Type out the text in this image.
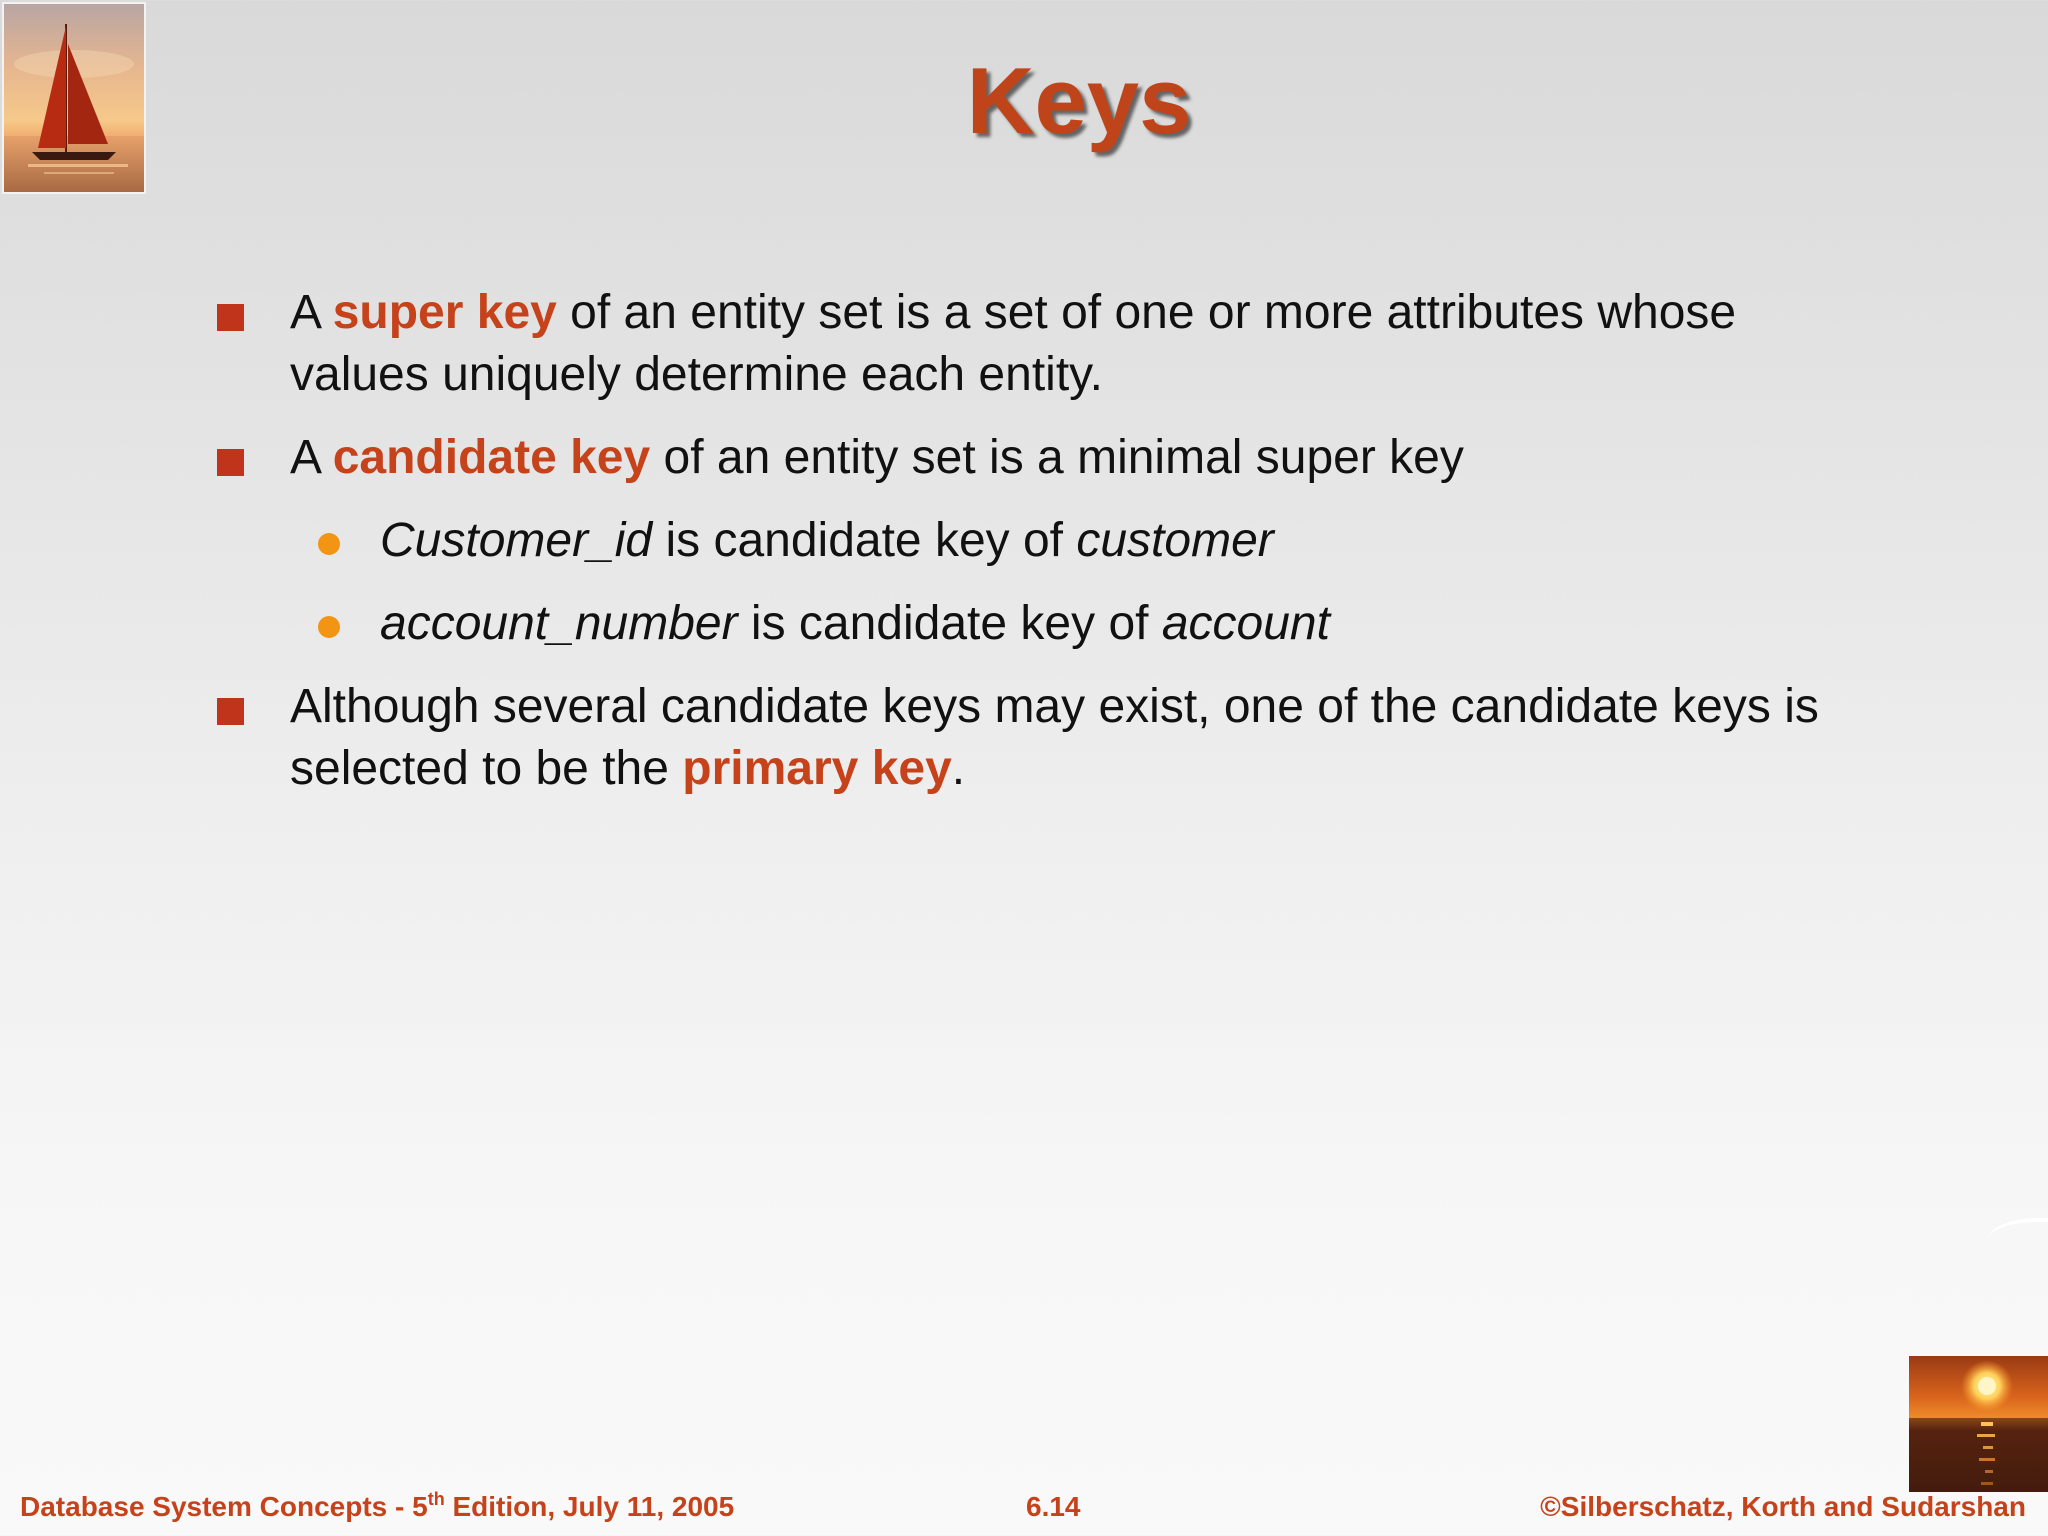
Keys
A super key of an entity set is a set of one or more attributes whose values uniquely determine each entity.
A candidate key of an entity set is a minimal super key
Customer_id is candidate key of customer
account_number is candidate key of account
Although several candidate keys may exist, one of the candidate keys is selected to be the primary key.
Database System Concepts - 5th Edition, July 11, 2005	6.14	©Silberschatz, Korth and Sudarshan
